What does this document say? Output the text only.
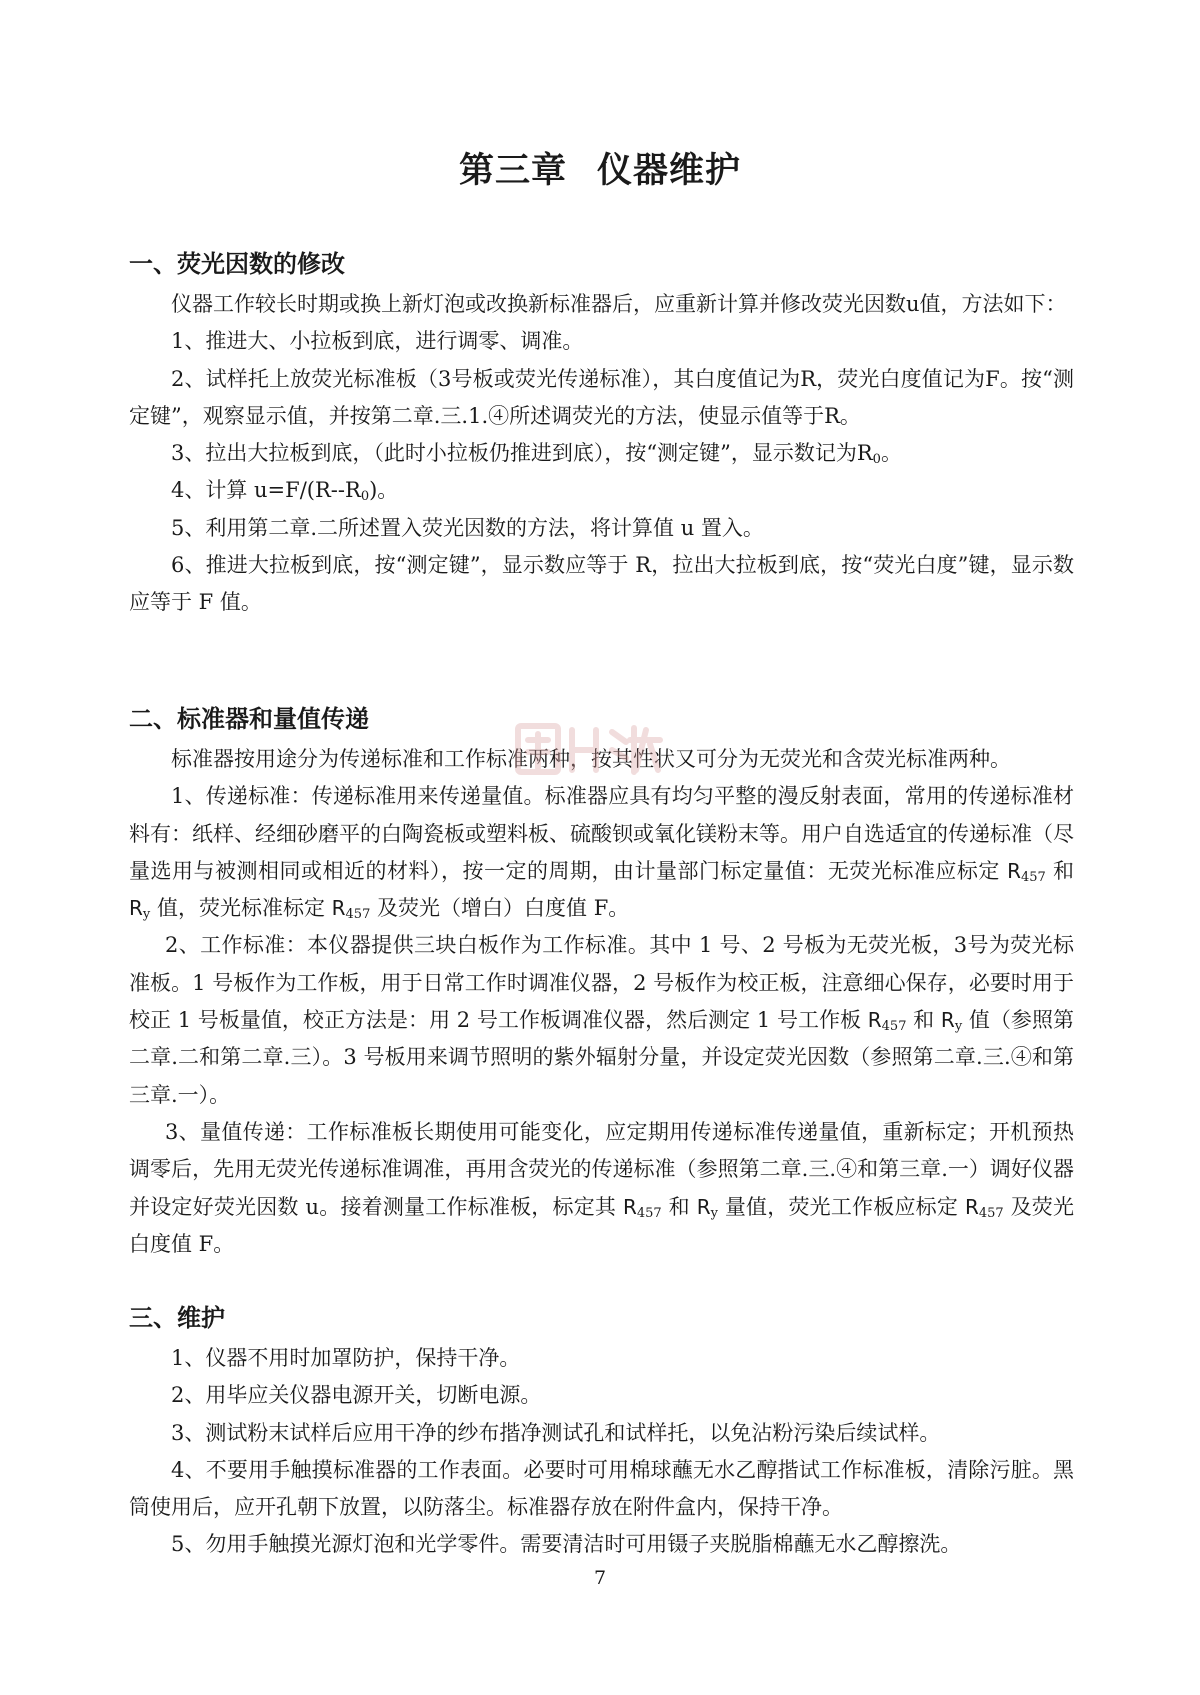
第三章 仪器维护
一、荧光因数的修改

仪器工作较长时期或换上新灯泡或改换新标准器后，应重新计算并修改荧光因数u值，方法如下：

1、推进大、小拉板到底，进行调零、调准。

2、试样托上放荧光标准板（3号板或荧光传递标准），其白度值记为R，荧光白度值记为F。按“测定键”，观察显示值，并按第二章.三.1.④所述调荧光的方法，使显示值等于R。

3、拉出大拉板到底，（此时小拉板仍推进到底），按“测定键”，显示数记为$R_0$。

4、计算 $u=F/(R--R_0)$。

5、利用第二章.二所述置入荧光因数的方法，将计算值 u 置入。

6、推进大拉板到底，按“测定键”，显示数应等于 R，拉出大拉板到底，按“荧光白度”键，显示数应等于 F 值。

二、标准器和量值传递

标准器按用途分为传递标准和工作标准两种，按其性状又可分为无荧光和含荧光标准两种。

1、传递标准：传递标准用来传递量值。标准器应具有均匀平整的漫反射表面，常用的传递标准材料有：纸样、经细砂磨平的白陶瓷板或塑料板、硫酸钡或氧化镁粉末等。用户自选适宜的传递标准（尽量选用与被测相同或相近的材料），按一定的周期，由计量部门标定量值：无荧光标准应标定 $R_{457}$ 和 $R_y$ 值，荧光标准标定 $R_{457}$ 及荧光（增白）白度值 F。

2、工作标准：本仪器提供三块白板作为工作标准。其中 1 号、2 号板为无荧光板，3号为荧光标准板。1 号板作为工作板，用于日常工作时调准仪器，2 号板作为校正板，注意细心保存，必要时用于校正 1 号板量值，校正方法是：用 2 号工作板调准仪器，然后测定 1 号工作板 $R_{457}$ 和 $R_y$ 值（参照第二章.二和第二章.三）。3 号板用来调节照明的紫外辐射分量，并设定荧光因数（参照第二章.三.④和第三章.一）。

3、量值传递：工作标准板长期使用可能变化，应定期用传递标准传递量值，重新标定；开机预热调零后，先用无荧光传递标准调准，再用含荧光的传递标准（参照第二章.三.④和第三章.一）调好仪器并设定好荧光因数 u。接着测量工作标准板，标定其 $R_{457}$ 和 $R_y$ 量值，荧光工作板应标定 $R_{457}$ 及荧光白度值 F。

三、维护

1、仪器不用时加罩防护，保持干净。

2、用毕应关仪器电源开关，切断电源。

3、测试粉末试样后应用干净的纱布揩净测试孔和试样托，以免沾粉污染后续试样。

4、不要用手触摸标准器的工作表面。必要时可用棉球蘸无水乙醇揩试工作标准板，清除污脏。黑筒使用后，应开孔朝下放置，以防落尘。标准器存放在附件盒内，保持干净。

5、勿用手触摸光源灯泡和光学零件。需要清洁时可用镊子夹脱脂棉蘸无水乙醇擦洗。

7
